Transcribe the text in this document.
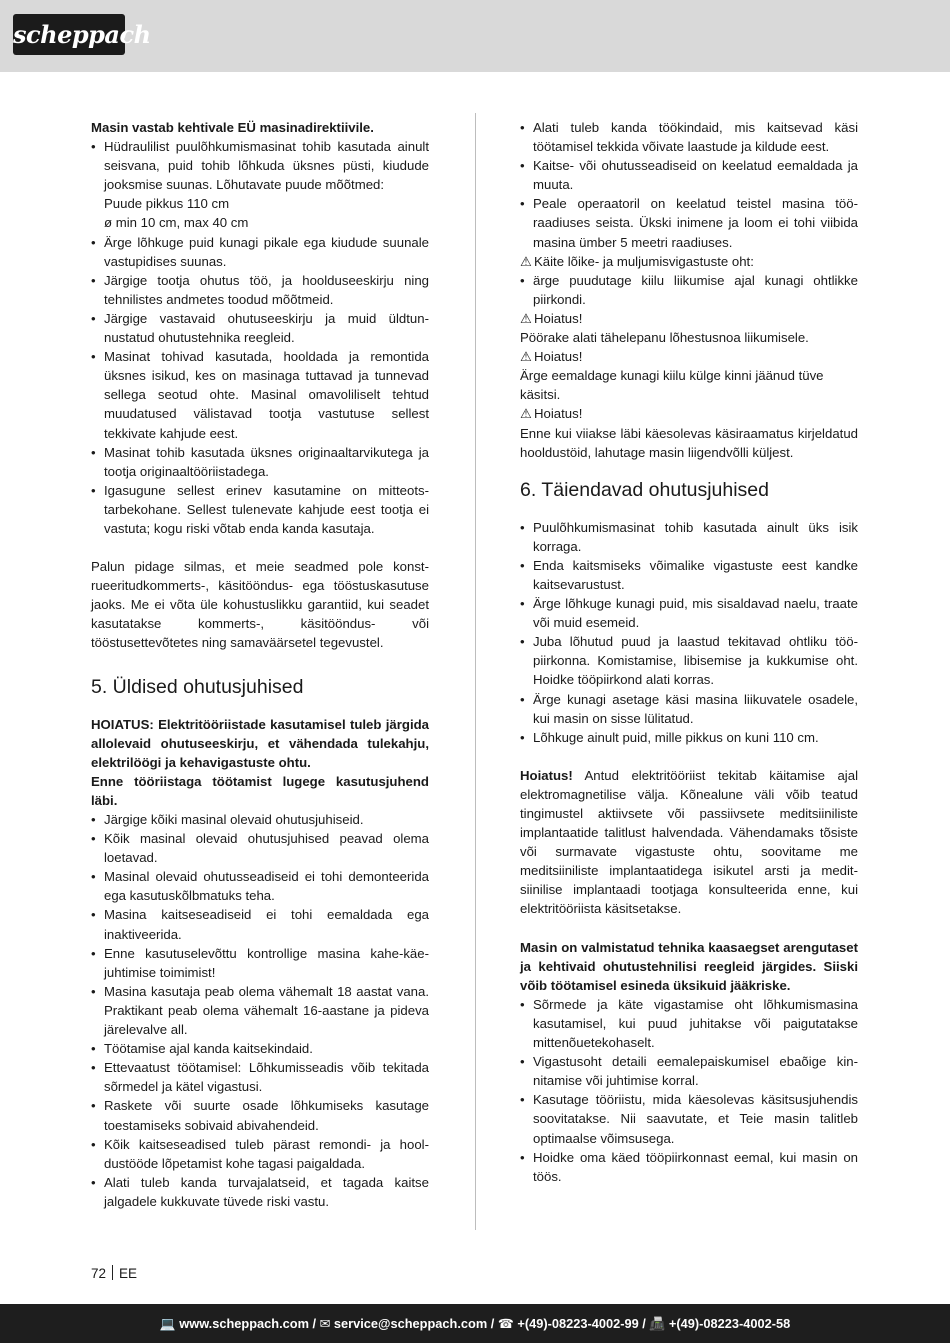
scheppach

Masin vastab kehtivale EÜ masinadirektiivile.

• Hüdraulilist puulõhkumismasinat tohib kasutada ainult seisvana, puid tohib lõhkuda üksnes püsti, kiudude jooksmise suunas. Lõhutavate puude mõõtmed:
Puude pikkus 110 cm
ø min 10 cm, max 40 cm
• Ärge lõhkuge puid kunagi pikale ega kiudude suunale vastupidises suunas.
• Järgige tootja ohutus töö, ja hoolduseeskirju ning tehnilistes andmetes toodud mõõtmeid.
• Järgige vastavaid ohutuseeskirju ja muid üldtunnustatud ohutustehnika reegleid.
• Masinat tohivad kasutada, hooldada ja remontida üksnes isikud, kes on masinaga tuttavad ja tunnevad sellega seotud ohte. Masinal omavoliliselt tehtud muudatused välistavad tootja vastutuse sellest tekkivate kahjude eest.
• Masinat tohib kasutada üksnes originaaltarvikutega ja tootja originaaltööriistadega.
• Igasugune sellest erinev kasutamine on mitteotstarbekohane. Sellest tulenevate kahjude eest tootja ei vastuta; kogu riski võtab enda kanda kasutaja.

Palun pidage silmas, et meie seadmed pole konstrueeritudkommerts-, käsitööndus- ega tööstuskasutuse jaoks. Me ei võta üle kohustuslikku garantiid, kui seadet kasutatakse kommerts-, käsitööndus- või tööstusettevõtetes ning samaväärsetel tegevustel.

5. Üldised ohutusjuhised

HOIATUS: Elektritööriistade kasutamisel tuleb järgida allolevaid ohutuseeskirju, et vähendada tulekahju, elektrilöögi ja kehavigastuste ohtu.

Enne tööriistaga töötamist lugege kasutusjuhend läbi.

• Järgige kõiki masinal olevaid ohutusjuhiseid.
• Kõik masinal olevaid ohutusjuhised peavad olema loetavad.
• Masinal olevaid ohutusseadiseid ei tohi demonteerida ega kasutuskõlbmatuks teha.
• Masina kaitseseadiseid ei tohi eemaldada ega inaktiveerida.
• Enne kasutuselevõttu kontrollige masina kahe-käe-juhtimise toimimist!
• Masina kasutaja peab olema vähemalt 18 aastat vana. Praktikant peab olema vähemalt 16-aastane ja pideva järelevalve all.
• Töötamise ajal kanda kaitsekindaid.
• Ettevaatust töötamisel: Lõhkumisseadis võib tekitada sõrmedel ja kätel vigastusi.
• Raskete või suurte osade lõhkumiseks kasutage toestamiseks sobivaid abivahendeid.
• Kõik kaitseseadised tuleb pärast remondi- ja hooldustööde lõpetamist kohe tagasi paigaldada.
• Alati tuleb kanda turvajalatseid, et tagada kaitse jalgadele kukkuvate tüvede riski vastu.
• Alati tuleb kanda töökindaid, mis kaitsevad käsi töötamisel tekkida võivate laastude ja kildude eest.
• Kaitse- või ohutusseadiseid on keelatud eemaldada ja muuta.
• Peale operaatoril on keelatud teistel masina tööraadiuses seista. Ükski inimene ja loom ei tohi viibida masina ümber 5 meetri raadiuses.

⚠ Käite lõike- ja muljumisvigastuste oht:

• ärge puudutage kiilu liikumise ajal kunagi ohtlikke piirkondi.

⚠ Hoiatus!

Pöörake alati tähelepanu lõhestusnoa liikumisele.

⚠ Hoiatus!

Ärge eemaldage kunagi kiilu külge kinni jäänud tüve käsitsi.

⚠ Hoiatus!

Enne kui viiakse läbi käesolevas käsiraamatus kirjeldatud hooldustöid, lahutage masin liigendvõlli küljest.

6. Täiendavad ohutusjuhised
• Puulõhkumismasinat tohib kasutada ainult üks isik korraga.
• Enda kaitsmiseks võimalike vigastuste eest kandke kaitsevarustust.
• Ärge lõhkuge kunagi puid, mis sisaldavad naelu, traate või muid esemeid.
• Juba lõhutud puud ja laastud tekitavad ohtliku tööpiirkonna. Komistamise, libisemise ja kukkumise oht. Hoidke tööpiirkond alati korras.
• Ärge kunagi asetage käsi masina liikuvatele osadele, kui masin on sisse lülitatud.
• Lõhkuge ainult puid, mille pikkus on kuni 110 cm.

Hoiatus! Antud elektritööriist tekitab käitamise ajal elektromagnetilise välja. Kõnealune väli võib teatud tingimustel aktiivsete või passiivsete meditsiiniliste implantaatide talitlust halvendada. Vähendamaks tõsiste või surmavate vigastuste ohtu, soovitame me meditsiiniliste implantaatidega isikutel arsti ja meditsiinilise implantaadi tootjaga konsulteerida enne, kui elektritööriista käsitsetakse.

Masin on valmistatud tehnika kaasaegset arengutaset ja kehtivaid ohutustehnilisi reegleid järgides. Siiski võib töötamisel esineda üksikuid jääkriske.

• Sõrmede ja käte vigastamise oht lõhkumismasina kasutamisel, kui puud juhitakse või paigutatakse mittenõuetekohaselt.
• Vigastusoht detaili eemalepaiskumisel ebaõige kinnitamise või juhtimise korral.
• Kasutage tööriistu, mida käesolevas käsitsusjuhendis soovitatakse. Nii saavutate, et Teie masin talitleb optimaalse võimsusega.
• Hoidke oma käed tööpiirkonnast eemal, kui masin on töös.
72 EE
💻 www.scheppach.com / ✉ service@scheppach.com / ☎ +(49)-08223-4002-99 / 📠 +(49)-08223-4002-58
